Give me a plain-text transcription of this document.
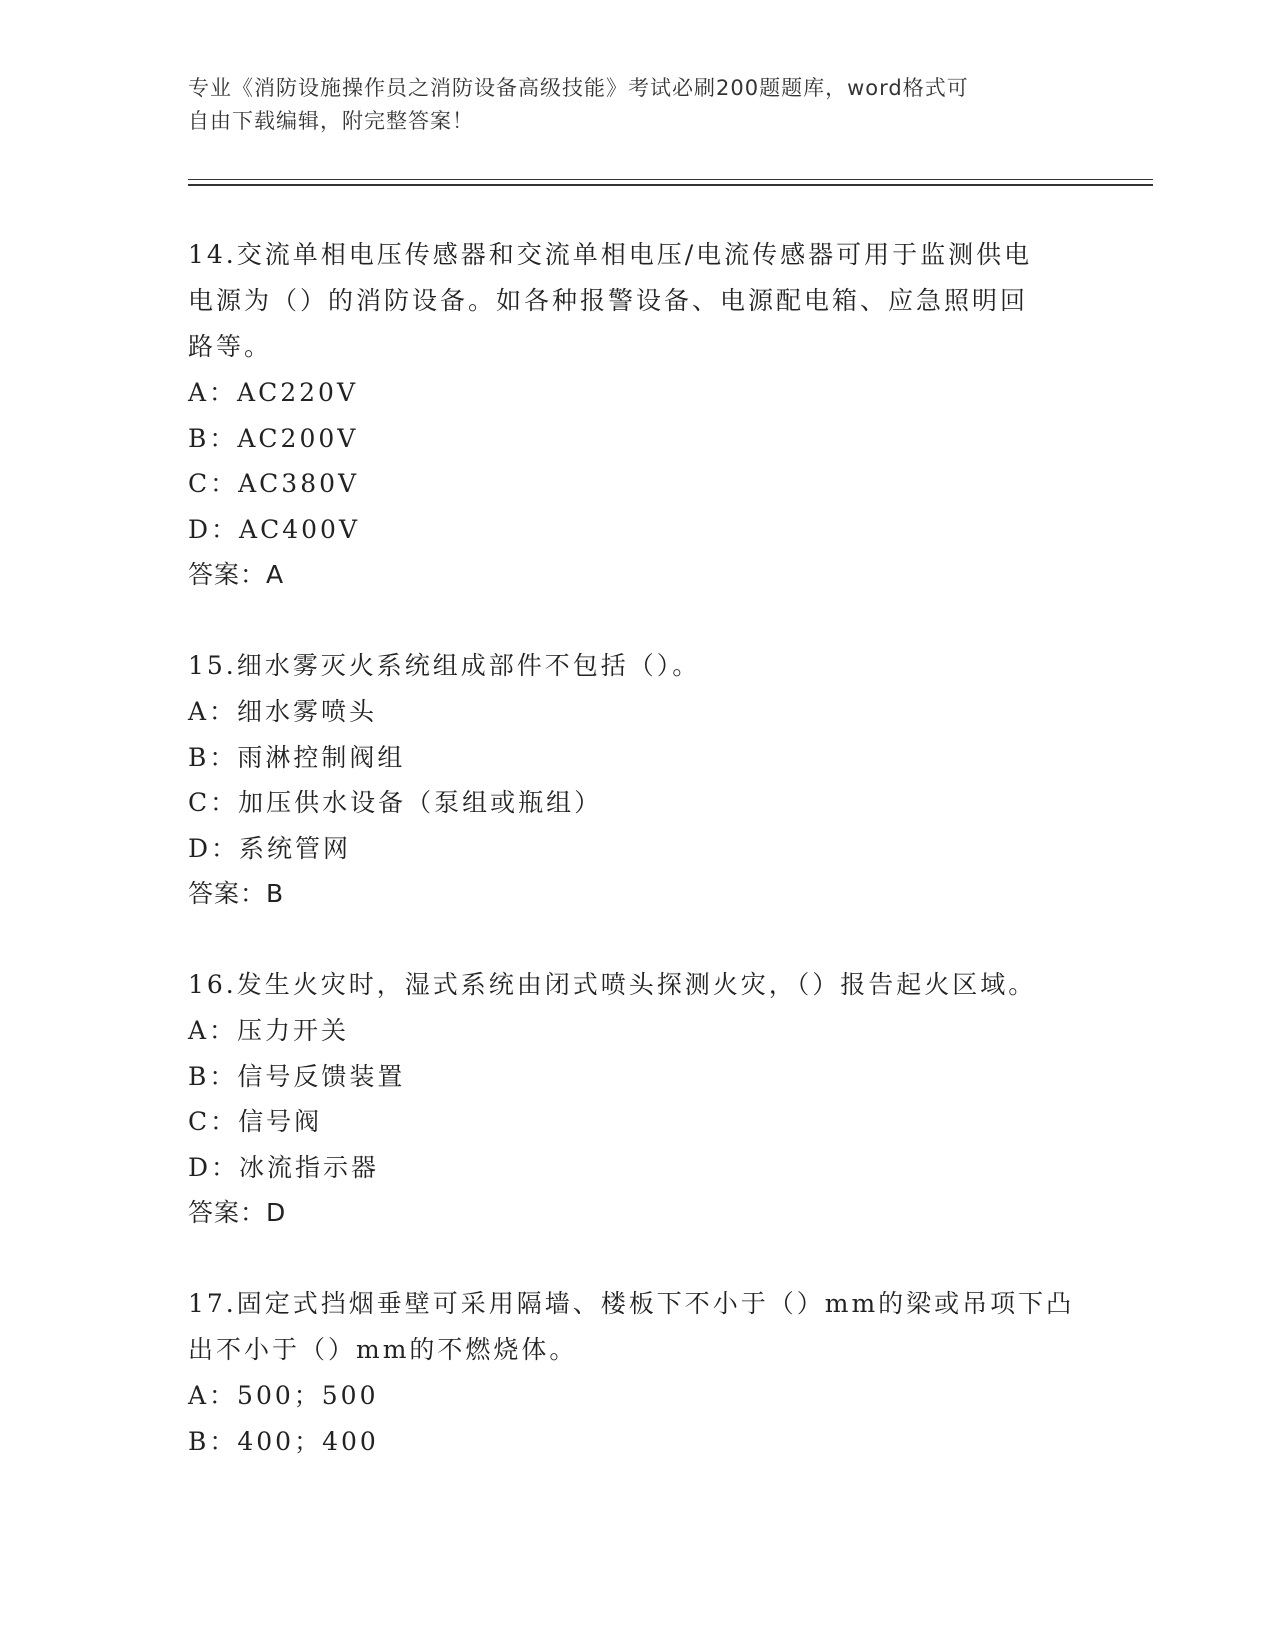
专业《消防设施操作员之消防设备高级技能》考试必刷200题题库，word格式可
自由下载编辑，附完整答案！
14.交流单相电压传感器和交流单相电压/电流传感器可用于监测供电
电源为（）的消防设备。如各种报警设备、电源配电箱、应急照明回
路等。
A：AC220V
B：AC200V
C：AC380V
D：AC400V
答案：A
15.细水雾灭火系统组成部件不包括（）。
A：细水雾喷头
B：雨淋控制阀组
C：加压供水设备（泵组或瓶组）
D：系统管网
答案：B
16.发生火灾时，湿式系统由闭式喷头探测火灾，（）报告起火区域。
A：压力开关
B：信号反馈装置
C：信号阀
D：冰流指示器
答案：D
17.固定式挡烟垂壁可采用隔墙、楼板下不小于（）mm的梁或吊项下凸
出不小于（）mm的不燃烧体。
A：500；500
B：400；400
